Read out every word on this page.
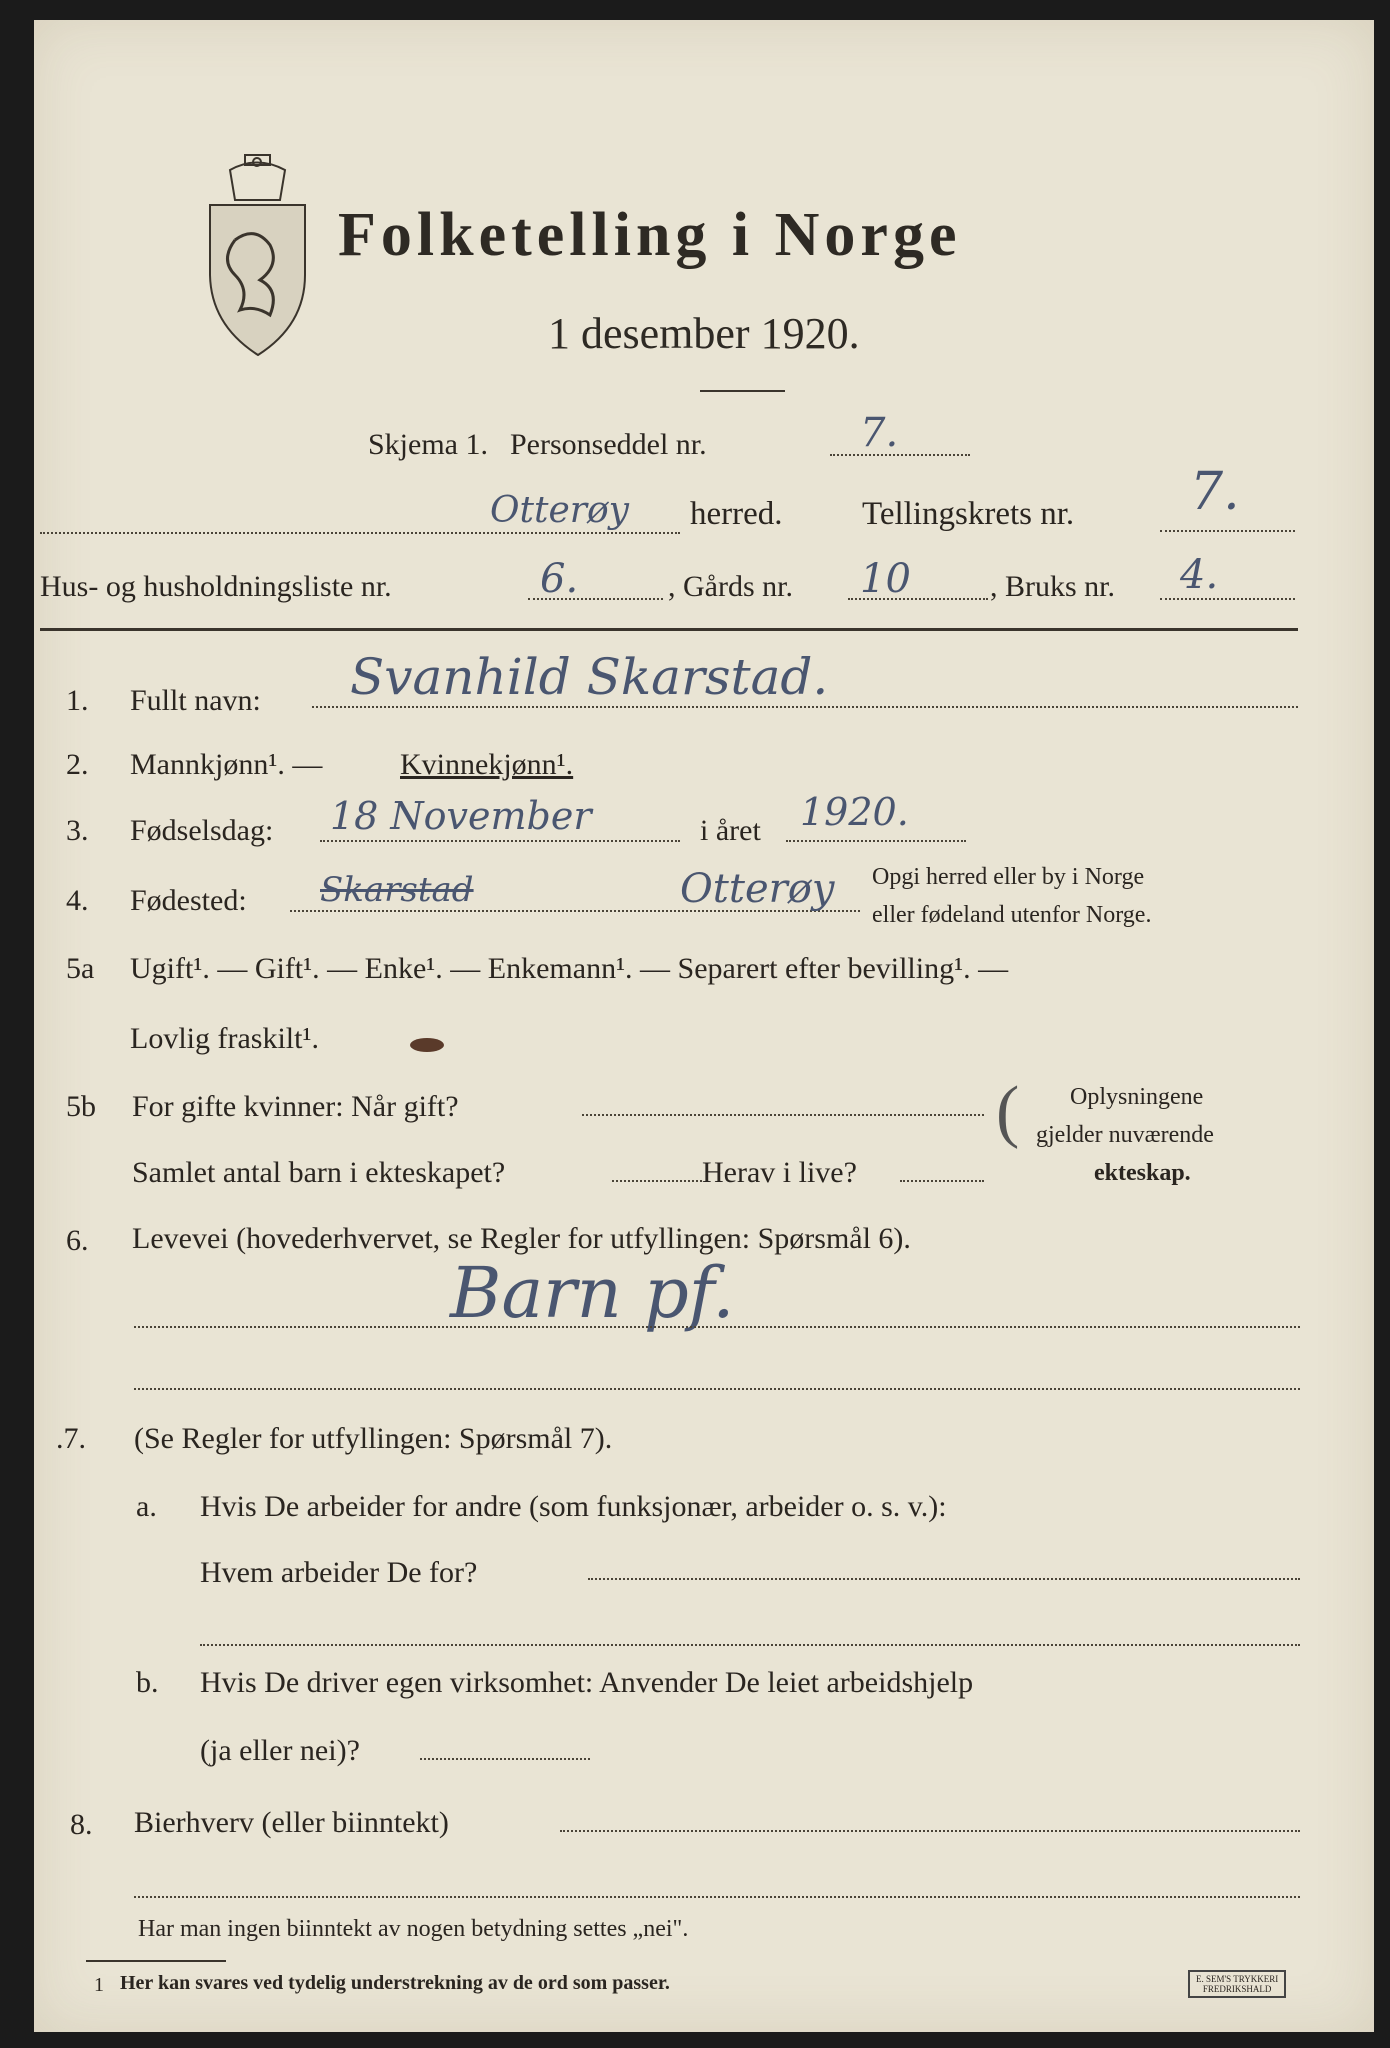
Folketelling i Norge
1 desember 1920.
Skjema 1. Personseddel nr.	7.
Otterøy herred. Tellingskrets nr. 7.
Hus- og husholdningsliste nr.	6.	, Gårds nr. 10	, Bruks nr. 4.
1. Fullt navn: Svanhild Skarstad.
2. Mannkjønn¹. —	Kvinnekjønn¹.
3. Fødselsdag: 18 November	i året 1920.
4. Fødested: Skarstad	Otterøy Opgi herred eller by i Norge
eller fødeland utenfor Norge.
5a Ugift¹. — Gift¹. — Enke¹. — Enkemann¹. — Separert efter bevilling¹. —
Lovlig fraskilt¹.
5b For gifte kvinner: Når gift?
Samlet antal barn i ekteskapet?	Herav i live?
( Oplysningene
gjelder nuværende
ekteskap.
6. Levevei (hovederhvervet, se Regler for utfyllingen: Spørsmål 6).
Barn pf.
.7. (Se Regler for utfyllingen: Spørsmål 7).
a. Hvis De arbeider for andre (som funksjonær, arbeider o. s. v.):
Hvem arbeider De for?
b. Hvis De driver egen virksomhet: Anvender De leiet arbeidshjelp
(ja eller nei)?
8. Bierhverv (eller biinntekt)
Har man ingen biinntekt av nogen betydning settes „nei".
1 Her kan svares ved tydelig understrekning av de ord som passer.	E. SEM'S TRYKKERI
FREDRIKSHALD
